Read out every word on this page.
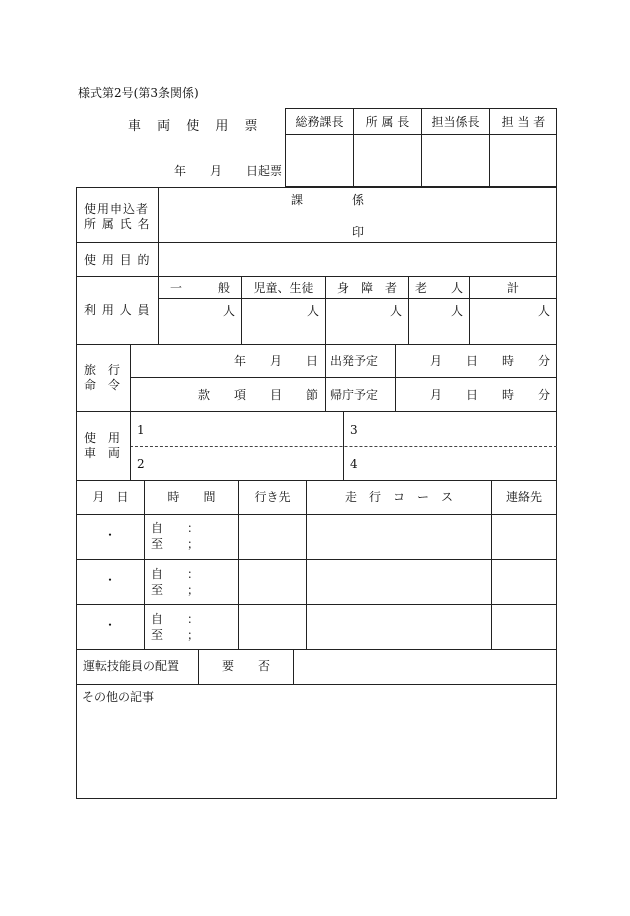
様式第2号(第3条関係)
車 両 使 用 票
年　　月　　日起票
総務課長	所 属 長	担当係長	担 当 者
使用申込者
所 属 氏 名
課	係
印
使 用 目 的
利 用 人 員
一　　　般	児童、生徒	身　障　者	老　　人	計
人	人	人	人	人
旅　行
命　令
年　　月　　日 出発予定	月　　日　　時　　分
款　　項　　目　　節 帰庁予定	月　　日　　時　　分
使　用
車　両
1	3
2	4
月　日	時　　間	行き先	走　行　コ　ー　ス	連絡先
・	自　　：
至　　；
・	自　　：
至　　；
・	自　　：
至　　；
運転技能員の配置	要　　否
その他の記事
